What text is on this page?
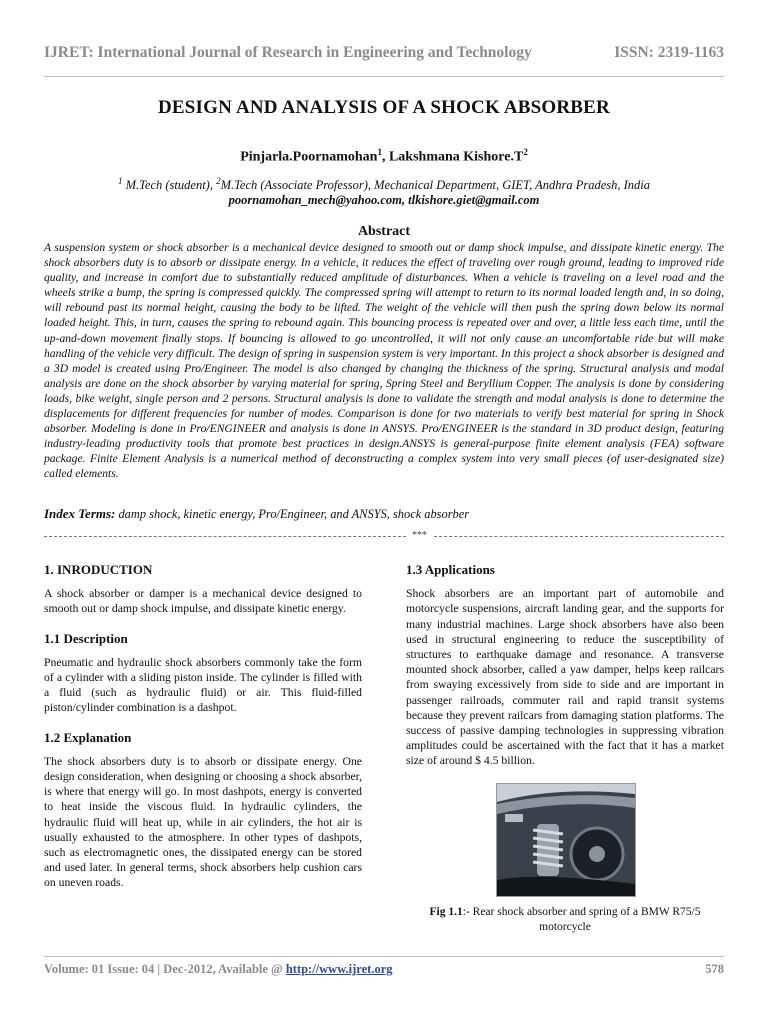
IJRET: International Journal of Research in Engineering and Technology	ISSN: 2319-1163
DESIGN AND ANALYSIS OF A SHOCK ABSORBER
Pinjarla.Poornamohan$^1$, Lakshmana $Kishore.T^2$
$^1$ M.Tech (student), $^2$M.Tech (Associate Professor), Mechanical Department, GIET, Andhra Pradesh, India
poornamohan_mech@yahoo.com, tlkishore.giet@gmail.com
Abstract
A suspension system or shock absorber is a mechanical device designed to smooth out or damp shock impulse, and dissipate kinetic energy. The shock absorbers duty is to absorb or dissipate energy. In a vehicle, it reduces the effect of traveling over rough ground, leading to improved ride quality, and increase in comfort due to substantially reduced amplitude of disturbances. When a vehicle is traveling on a level road and the wheels strike a bump, the spring is compressed quickly. The compressed spring will attempt to return to its normal loaded length and, in so doing, will rebound past its normal height, causing the body to be lifted. The weight of the vehicle will then push the spring down below its normal loaded height. This, in turn, causes the spring to rebound again. This bouncing process is repeated over and over, a little less each time, until the up-and-down movement finally stops. If bouncing is allowed to go uncontrolled, it will not only cause an uncomfortable ride but will make handling of the vehicle very difficult. The design of spring in suspension system is very important. In this project a shock absorber is designed and a 3D model is created using Pro/Engineer. The model is also changed by changing the thickness of the spring. Structural analysis and modal analysis are done on the shock absorber by varying material for spring, Spring Steel and Beryllium Copper. The analysis is done by considering loads, bike weight, single person and 2 persons. Structural analysis is done to validate the strength and modal analysis is done to determine the displacements for different frequencies for number of modes. Comparison is done for two materials to verify best material for spring in Shock absorber. Modeling is done in Pro/ENGINEER and analysis is done in ANSYS. Pro/ENGINEER is the standard in 3D product design, featuring industry-leading productivity tools that promote best practices in design.ANSYS is general-purpose finite element analysis (FEA) software package. Finite Element Analysis is a numerical method of deconstructing a complex system into very small pieces (of user-designated size) called elements.
Index Terms: damp shock, kinetic energy, Pro/Engineer, and ANSYS, shock absorber
***
1. INRODUCTION

A shock absorber or damper is a mechanical device designed to smooth out or damp shock impulse, and dissipate kinetic energy.

1.1 Description

Pneumatic and hydraulic shock absorbers commonly take the form of a cylinder with a sliding piston inside. The cylinder is filled with a fluid (such as hydraulic fluid) or air. This fluid-filled piston/cylinder combination is a dashpot.

1.2 Explanation

The shock absorbers duty is to absorb or dissipate energy. One design consideration, when designing or choosing a shock absorber, is where that energy will go. In most dashpots, energy is converted to heat inside the viscous fluid. In hydraulic cylinders, the hydraulic fluid will heat up, while in air cylinders, the hot air is usually exhausted to the atmosphere. In other types of dashpots, such as electromagnetic ones, the dissipated energy can be stored and used later. In general terms, shock absorbers help cushion cars on uneven roads.

1.3 Applications

Shock absorbers are an important part of automobile and motorcycle suspensions, aircraft landing gear, and the supports for many industrial machines. Large shock absorbers have also been used in structural engineering to reduce the susceptibility of structures to earthquake damage and resonance. A transverse mounted shock absorber, called a yaw damper, helps keep railcars from swaying excessively from side to side and are important in passenger railroads, commuter rail and rapid transit systems because they prevent railcars from damaging station platforms. The success of passive damping technologies in suppressing vibration amplitudes could be ascertained with the fact that it has a market size of around $ 4.5 billion.

Fig 1.1:- Rear shock absorber and spring of a BMW R75/5 motorcycle
Volume: 01 Issue: 04 | Dec-2012, Available @ http://www.ijret.org	578
